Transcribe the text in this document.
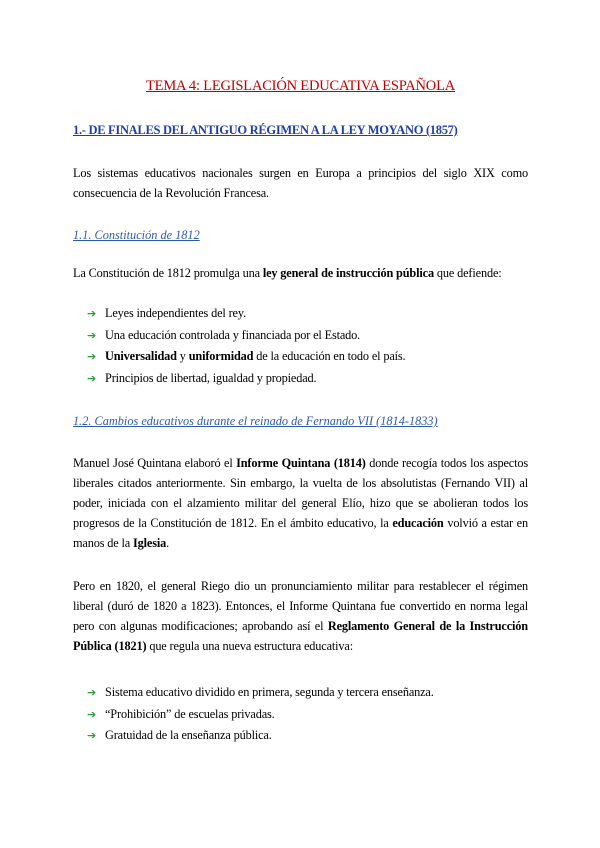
TEMA 4: LEGISLACIÓN EDUCATIVA ESPAÑOLA
1.- DE FINALES DEL ANTIGUO RÉGIMEN A LA LEY MOYANO (1857)
Los sistemas educativos nacionales surgen en Europa a principios del siglo XIX como consecuencia de la Revolución Francesa.
1.1. Constitución de 1812
La Constitución de 1812 promulga una ley general de instrucción pública que defiende:
➔ Leyes independientes del rey.
➔ Una educación controlada y financiada por el Estado.
➔ Universalidad y uniformidad de la educación en todo el país.
➔ Principios de libertad, igualdad y propiedad.
1.2. Cambios educativos durante el reinado de Fernando VII (1814-1833)
Manuel José Quintana elaboró el Informe Quintana (1814) donde recogía todos los aspectos liberales citados anteriormente. Sin embargo, la vuelta de los absolutistas (Fernando VII) al poder, iniciada con el alzamiento militar del general Elío, hizo que se abolieran todos los progresos de la Constitución de 1812. En el ámbito educativo, la educación volvió a estar en manos de la Iglesia.
Pero en 1820, el general Riego dio un pronunciamiento militar para restablecer el régimen liberal (duró de 1820 a 1823). Entonces, el Informe Quintana fue convertido en norma legal pero con algunas modificaciones; aprobando así el Reglamento General de la Instrucción Pública (1821) que regula una nueva estructura educativa:
➔ Sistema educativo dividido en primera, segunda y tercera enseñanza.
➔ “Prohibición” de escuelas privadas.
➔ Gratuidad de la enseñanza pública.
